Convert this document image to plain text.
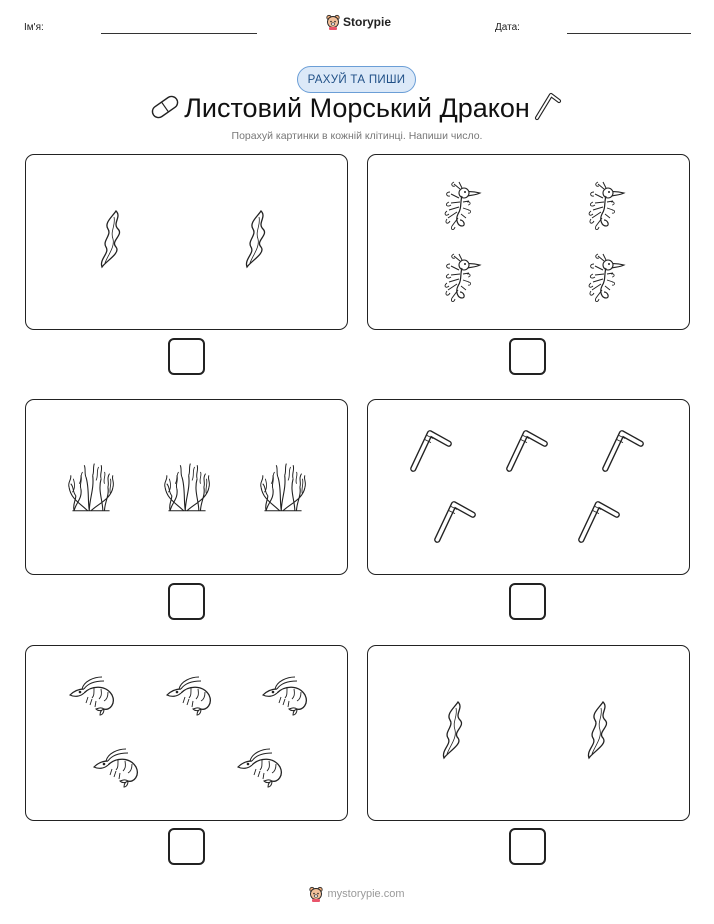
Ім'я:	Storypie	Дата:
РАХУЙ ТА ПИШИ
Листовий Морський Дракон
Порахуй картинки в кожній клітинці. Напиши число.
mystorypie.com
